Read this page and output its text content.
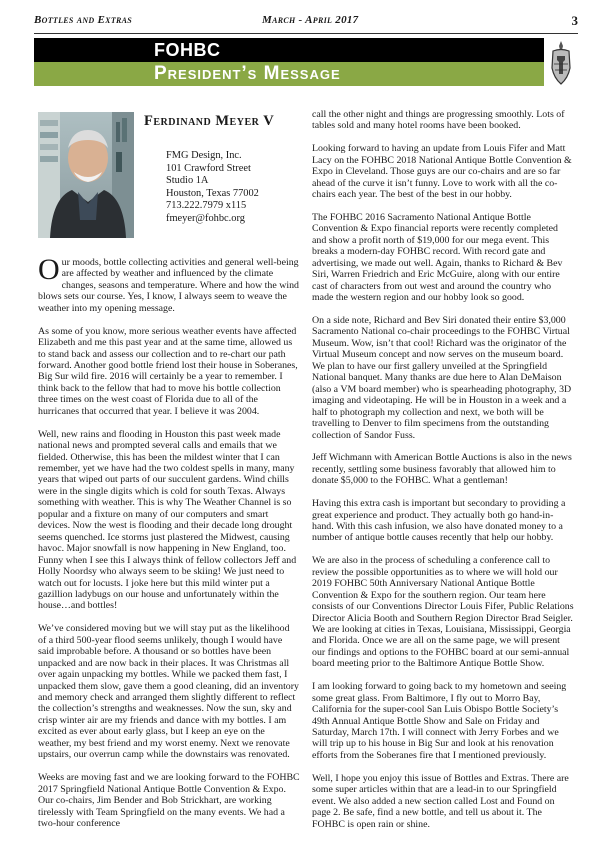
Bottles and Extras	March - April 2017	3
FOHBC
President’s Message
Ferdinand Meyer V
FMG Design, Inc.
101 Crawford Street
Studio 1A
Houston, Texas 77002
713.222.7979 x115
fmeyer@fohbc.org

Our moods, bottle collecting activities and general well-being are affected by weather and influenced by the climate changes, seasons and temperature. Where and how the wind blows sets our course. Yes, I know, I always seem to weave the weather into my opening message.

As some of you know, more serious weather events have affected Elizabeth and me this past year and at the same time, allowed us to stand back and assess our collection and to re-chart our path forward. Another good bottle friend lost their house in Soberanes, Big Sur wild fire. 2016 will certainly be a year to remember. I think back to the fellow that had to move his bottle collection three times on the west coast of Florida due to all of the hurricanes that occurred that year. I believe it was 2004.

Well, new rains and flooding in Houston this past week made national news and prompted several calls and emails that we fielded. Otherwise, this has been the mildest winter that I can remember, yet we have had the two coldest spells in many, many years that wiped out parts of our succulent gardens. Wind chills were in the single digits which is cold for south Texas. Always something with weather. This is why The Weather Channel is so popular and a fixture on many of our computers and smart devices. Now the west is flooding and their decade long drought seems quenched. Ice storms just plastered the Midwest, causing havoc. Major snowfall is now happening in New England, too. Funny when I see this I always think of fellow collectors Jeff and Holly Noordsy who always seem to be skiing! We just need to watch out for locusts. I joke here but this mild winter put a gazillion ladybugs on our house and unfortunately within the house…and bottles!

We’ve considered moving but we will stay put as the likelihood of a third 500-year flood seems unlikely, though I would have said improbable before. A thousand or so bottles have been unpacked and are now back in their places. It was Christmas all over again unpacking my bottles. While we packed them fast, I unpacked them slow, gave them a good cleaning, did an inventory and memory check and arranged them slightly different to reflect the collection’s strengths and weaknesses. Now the sun, sky and crisp winter air are my friends and dance with my bottles. I am excited as ever about early glass, but I keep an eye on the weather, my best friend and my worst enemy. Next we renovate upstairs, our overrun camp while the downstairs was renovated.

Weeks are moving fast and we are looking forward to the FOHBC 2017 Springfield National Antique Bottle Convention & Expo. Our co-chairs, Jim Bender and Bob Strickhart, are working tirelessly with Team Springfield on the many events. We had a two-hour conference

call the other night and things are progressing smoothly. Lots of tables sold and many hotel rooms have been booked.

Looking forward to having an update from Louis Fifer and Matt Lacy on the FOHBC 2018 National Antique Bottle Convention & Expo in Cleveland. Those guys are our co-chairs and are so far ahead of the curve it isn’t funny. Love to work with all the co-chairs each year. The best of the best in our hobby.

The FOHBC 2016 Sacramento National Antique Bottle Convention & Expo financial reports were recently completed and show a profit north of $19,000 for our mega event. This breaks a modern-day FOHBC record. With record gate and advertising, we made out well. Again, thanks to Richard & Bev Siri, Warren Friedrich and Eric McGuire, along with our entire cast of characters from out west and around the country who made the western region and our hobby look so good.

On a side note, Richard and Bev Siri donated their entire $3,000 Sacramento National co-chair proceedings to the FOHBC Virtual Museum. Wow, isn’t that cool! Richard was the originator of the Virtual Museum concept and now serves on the museum board. We plan to have our first gallery unveiled at the Springfield National banquet. Many thanks are due here to Alan DeMaison (also a VM board member) who is spearheading photography, 3D imaging and videotaping. He will be in Houston in a week and a half to photograph my collection and next, we both will be travelling to Denver to film specimens from the outstanding collection of Sandor Fuss.

Jeff Wichmann with American Bottle Auctions is also in the news recently, settling some business favorably that allowed him to donate $5,000 to the FOHBC. What a gentleman!

Having this extra cash is important but secondary to providing a great experience and product. They actually both go hand-in-hand. With this cash infusion, we also have donated money to a number of antique bottle causes recently that help our hobby.

We are also in the process of scheduling a conference call to review the possible opportunities as to where we will hold our 2019 FOHBC 50th Anniversary National Antique Bottle Convention & Expo for the southern region. Our team here consists of our Conventions Director Louis Fifer, Public Relations Director Alicia Booth and Southern Region Director Brad Seigler. We are looking at cities in Texas, Louisiana, Mississippi, Georgia and Florida. Once we are all on the same page, we will present our findings and options to the FOHBC board at our semi-annual board meeting prior to the Baltimore Antique Bottle Show.

I am looking forward to going back to my hometown and seeing some great glass. From Baltimore, I fly out to Morro Bay, California for the super-cool San Luis Obispo Bottle Society’s 49th Annual Antique Bottle Show and Sale on Friday and Saturday, March 17th. I will connect with Jerry Forbes and we will trip up to his house in Big Sur and look at his renovation efforts from the Soberanes fire that I mentioned previously.

Well, I hope you enjoy this issue of Bottles and Extras. There are some super articles within that are a lead-in to our Springfield event. We also added a new section called Lost and Found on page 2. Be safe, find a new bottle, and tell us about it. The FOHBC is open rain or shine.
